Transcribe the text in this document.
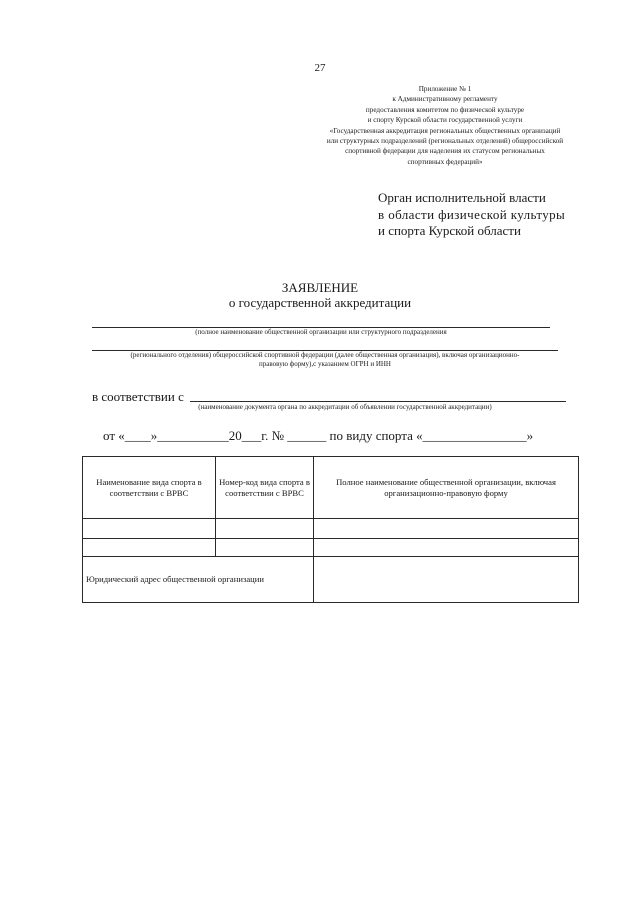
27
Приложение № 1
к Административному регламенту
предоставления комитетом по физической культуре
и спорту Курской области государственной услуги
«Государственная аккредитация региональных общественных организаций
или структурных подразделений (региональных отделений) общероссийской
спортивной федерации для наделения их статусом региональных
спортивных федераций»
Орган исполнительной власти
в области физической культуры
и спорта Курской области
ЗАЯВЛЕНИЕ
о государственной аккредитации
(полное наименование общественной организации или структурного подразделения
(регионального отделения) общероссийской спортивной федерации (далее общественная организация), включая организационно-
правовую форму),с указанием ОГРН и ИНН
в соответствии с
(наименование документа органа по аккредитации об объявлении государственной аккредитации)
от «____»___________20___г. № ______ по виду спорта «________________»
Наименование вида спорта в соответствии с ВРВС	Номер-код вида спорта в соответствии с ВРВС	Полное наименование общественной организации, включая организационно-правовую форму

Юридический адрес общественной организации		
